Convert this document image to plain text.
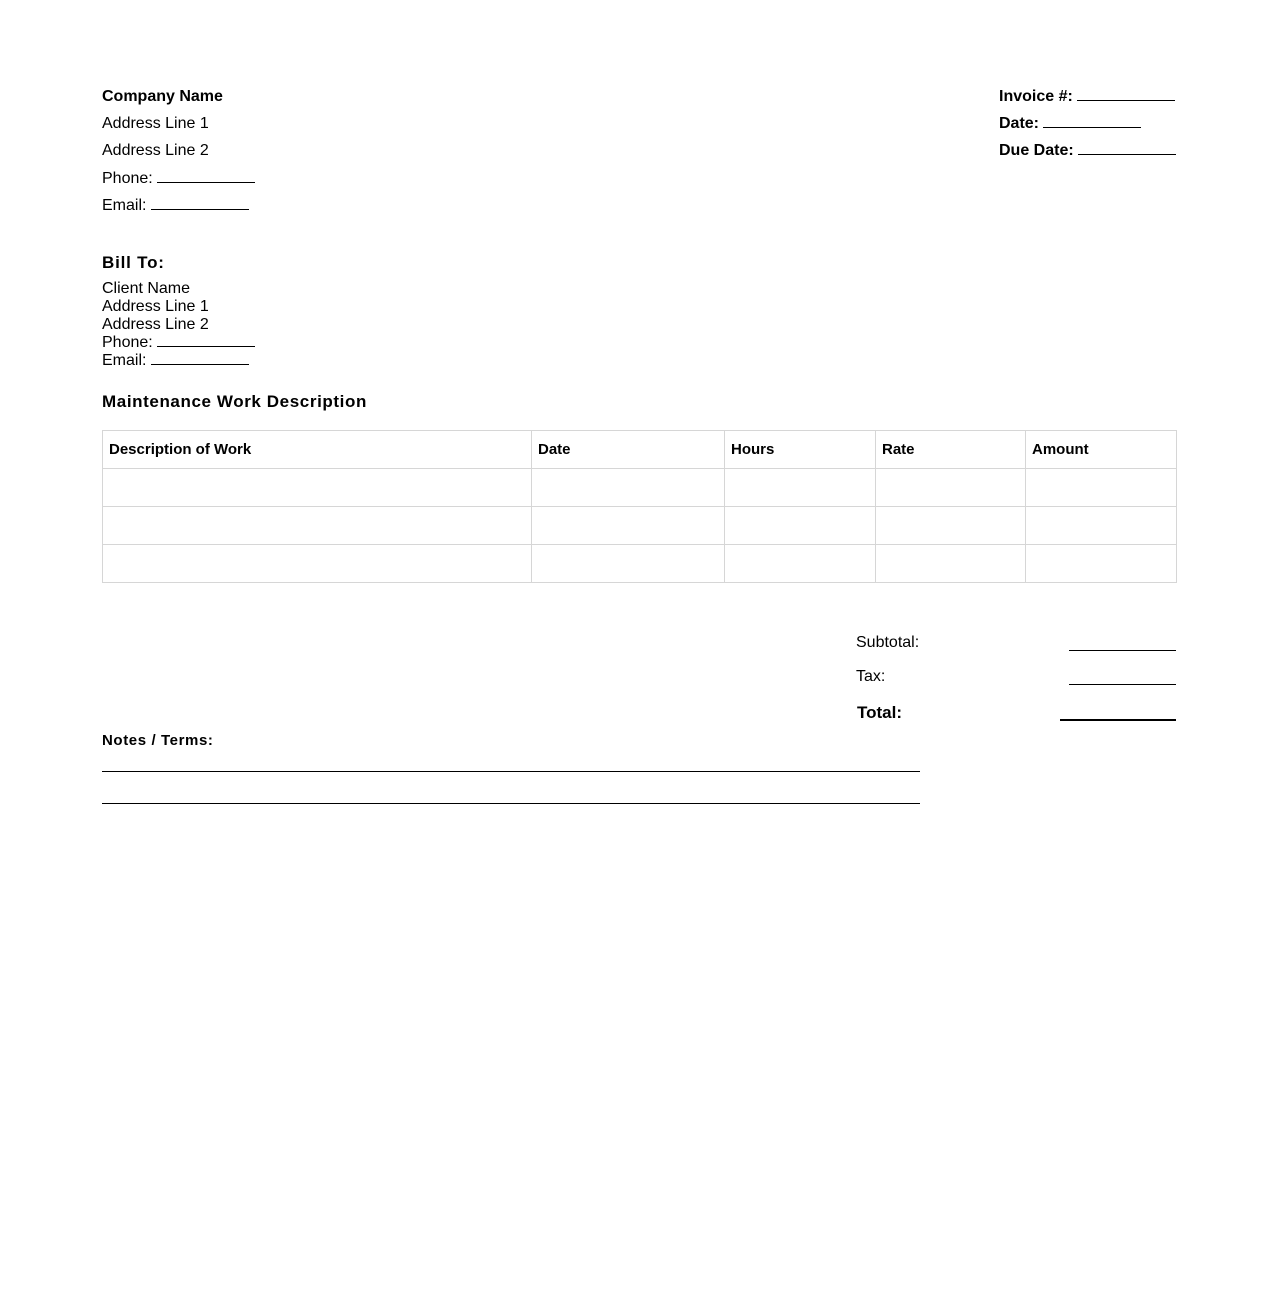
Company Name
Address Line 1
Address Line 2
Phone:
Email:
Invoice #:
Date:
Due Date:
Bill To:
Client Name
Address Line 1
Address Line 2
Phone:
Email:
Maintenance Work Description
Description of Work	Date	Hours	Rate	Amount

Subtotal:
Tax:
Total:
Notes / Terms:
